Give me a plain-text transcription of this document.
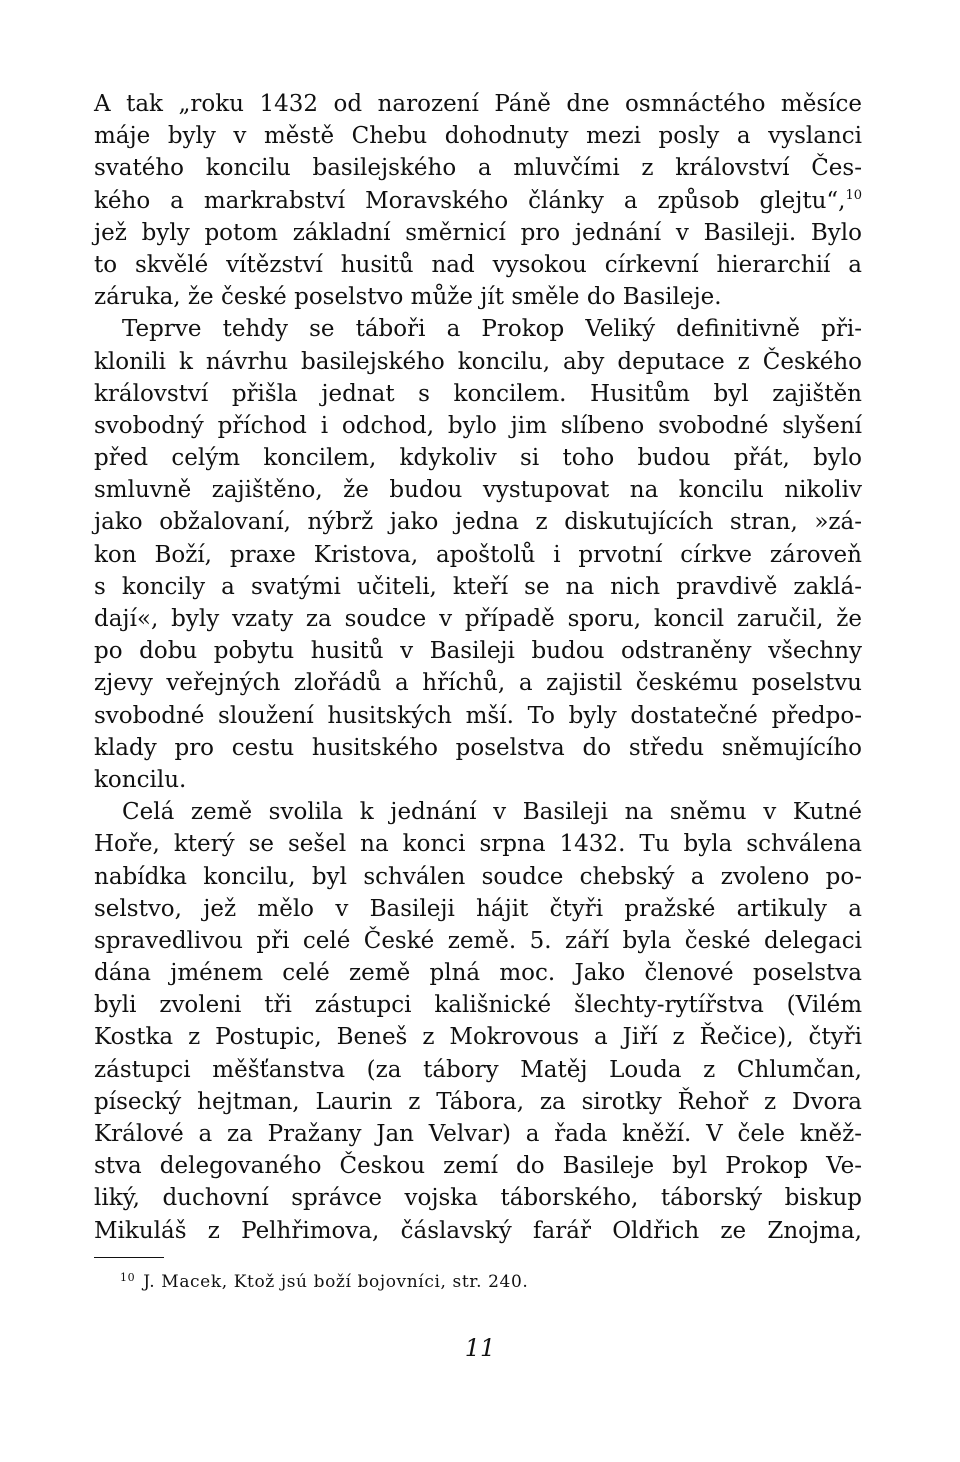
A tak „roku 1432 od narození Páně dne osmnáctého měsíce
máje byly v městě Chebu dohodnuty mezi posly a vyslanci
svatého koncilu basilejského a mluvčími z království Čes-
kého a markrabství Moravského články a způsob glejtu“,$^{10}$
jež byly potom základní směrnicí pro jednání v Basileji. Bylo
to skvělé vítězství husitů nad vysokou církevní hierarchií a
záruka, že české poselstvo může jít směle do Basileje.
Teprve tehdy se táboři a Prokop Veliký definitivně při-
klonili k návrhu basilejského koncilu, aby deputace z Českého
království přišla jednat s koncilem. Husitům byl zajištěn
svobodný příchod i odchod, bylo jim slíbeno svobodné slyšení
před celým koncilem, kdykoliv si toho budou přát, bylo
smluvně zajištěno, že budou vystupovat na koncilu nikoliv
jako obžalovaní, nýbrž jako jedna z diskutujících stran, »zá-
kon Boží, praxe Kristova, apoštolů i prvotní církve zároveň
s koncily a svatými učiteli, kteří se na nich pravdivě zaklá-
dají«, byly vzaty za soudce v případě sporu, koncil zaručil, že
po dobu pobytu husitů v Basileji budou odstraněny všechny
zjevy veřejných zlořádů a hříchů, a zajistil českému poselstvu
svobodné sloužení husitských mší. To byly dostatečné předpo-
klady pro cestu husitského poselstva do středu sněmujícího
koncilu.
Celá země svolila k jednání v Basileji na sněmu v Kutné
Hoře, který se sešel na konci srpna 1432. Tu byla schválena
nabídka koncilu, byl schválen soudce chebský a zvoleno po-
selstvo, jež mělo v Basileji hájit čtyři pražské artikuly a
spravedlivou při celé České země. 5. září byla české delegaci
dána jménem celé země plná moc. Jako členové poselstva
byli zvoleni tři zástupci kališnické šlechty-rytířstva (Vilém
Kostka z Postupic, Beneš z Mokrovous a Jiří z Řečice), čtyři
zástupci měšťanstva (za tábory Matěj Louda z Chlumčan,
písecký hejtman, Laurin z Tábora, za sirotky Řehoř z Dvora
Králové a za Pražany Jan Velvar) a řada kněží. V čele kněž-
stva delegovaného Českou zemí do Basileje byl Prokop Ve-
liký, duchovní správce vojska táborského, táborský biskup
Mikuláš z Pelhřimova, čáslavský farář Oldřich ze Znojma,
$^{10}$ J. Macek, Ktož jsú boží bojovníci, str. 240.
11
